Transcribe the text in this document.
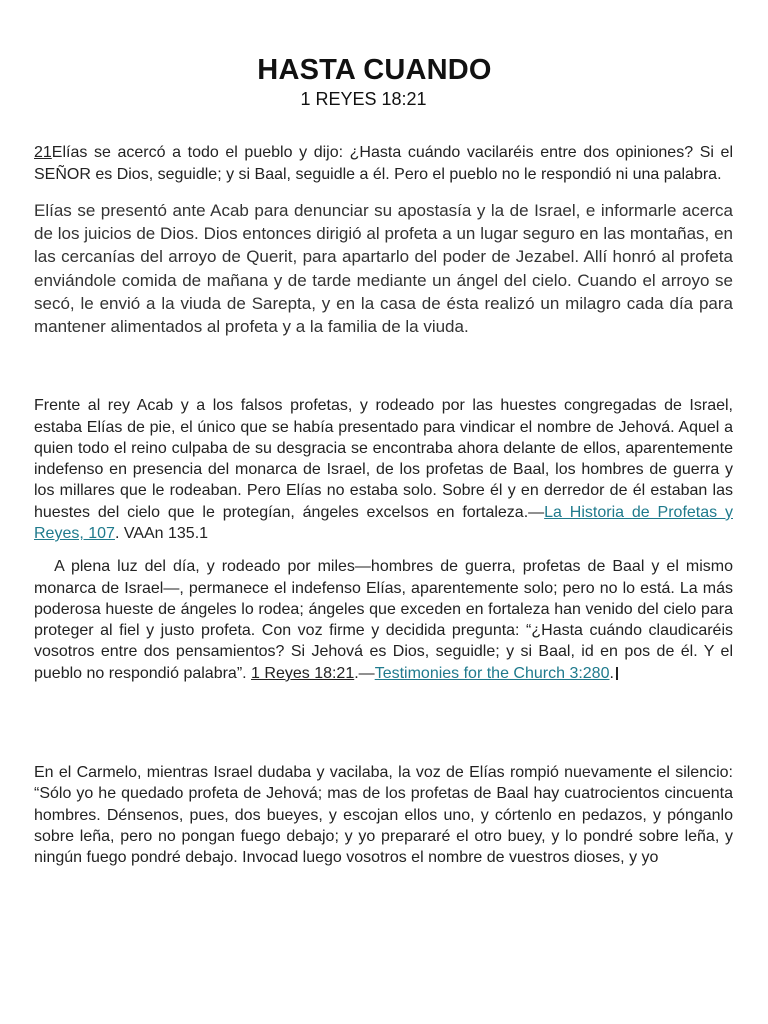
HASTA CUANDO
1 REYES 18:21

21Elías se acercó a todo el pueblo y dijo: ¿Hasta cuándo vacilaréis entre dos opiniones? Si el SEÑOR es Dios, seguidle; y si Baal, seguidle a él. Pero el pueblo no le respondió ni una palabra.

Elías se presentó ante Acab para denunciar su apostasía y la de Israel, e informarle acerca de los juicios de Dios. Dios entonces dirigió al profeta a un lugar seguro en las montañas, en las cercanías del arroyo de Querit, para apartarlo del poder de Jezabel. Allí honró al profeta enviándole comida de mañana y de tarde mediante un ángel del cielo. Cuando el arroyo se secó, le envió a la viuda de Sarepta, y en la casa de ésta realizó un milagro cada día para mantener alimentados al profeta y a la familia de la viuda.

Frente al rey Acab y a los falsos profetas, y rodeado por las huestes congregadas de Israel, estaba Elías de pie, el único que se había presentado para vindicar el nombre de Jehová. Aquel a quien todo el reino culpaba de su desgracia se encontraba ahora delante de ellos, aparentemente indefenso en presencia del monarca de Israel, de los profetas de Baal, los hombres de guerra y los millares que le rodeaban. Pero Elías no estaba solo. Sobre él y en derredor de él estaban las huestes del cielo que le protegían, ángeles excelsos en fortaleza.—La Historia de Profetas y Reyes, 107. VAAn 135.1

A plena luz del día, y rodeado por miles—hombres de guerra, profetas de Baal y el mismo monarca de Israel—, permanece el indefenso Elías, aparentemente solo; pero no lo está. La más poderosa hueste de ángeles lo rodea; ángeles que exceden en fortaleza han venido del cielo para proteger al fiel y justo profeta. Con voz firme y decidida pregunta: “¿Hasta cuándo claudicaréis vosotros entre dos pensamientos? Si Jehová es Dios, seguidle; y si Baal, id en pos de él. Y el pueblo no respondió palabra”. 1 Reyes 18:21.—Testimonies for the Church 3:280.

En el Carmelo, mientras Israel dudaba y vacilaba, la voz de Elías rompió nuevamente el silencio: “Sólo yo he quedado profeta de Jehová; mas de los profetas de Baal hay cuatrocientos cincuenta hombres. Dénsenos, pues, dos bueyes, y escojan ellos uno, y córtenlo en pedazos, y pónganlo sobre leña, pero no pongan fuego debajo; y yo prepararé el otro buey, y lo pondré sobre leña, y ningún fuego pondré debajo. Invocad luego vosotros el nombre de vuestros dioses, y yo
